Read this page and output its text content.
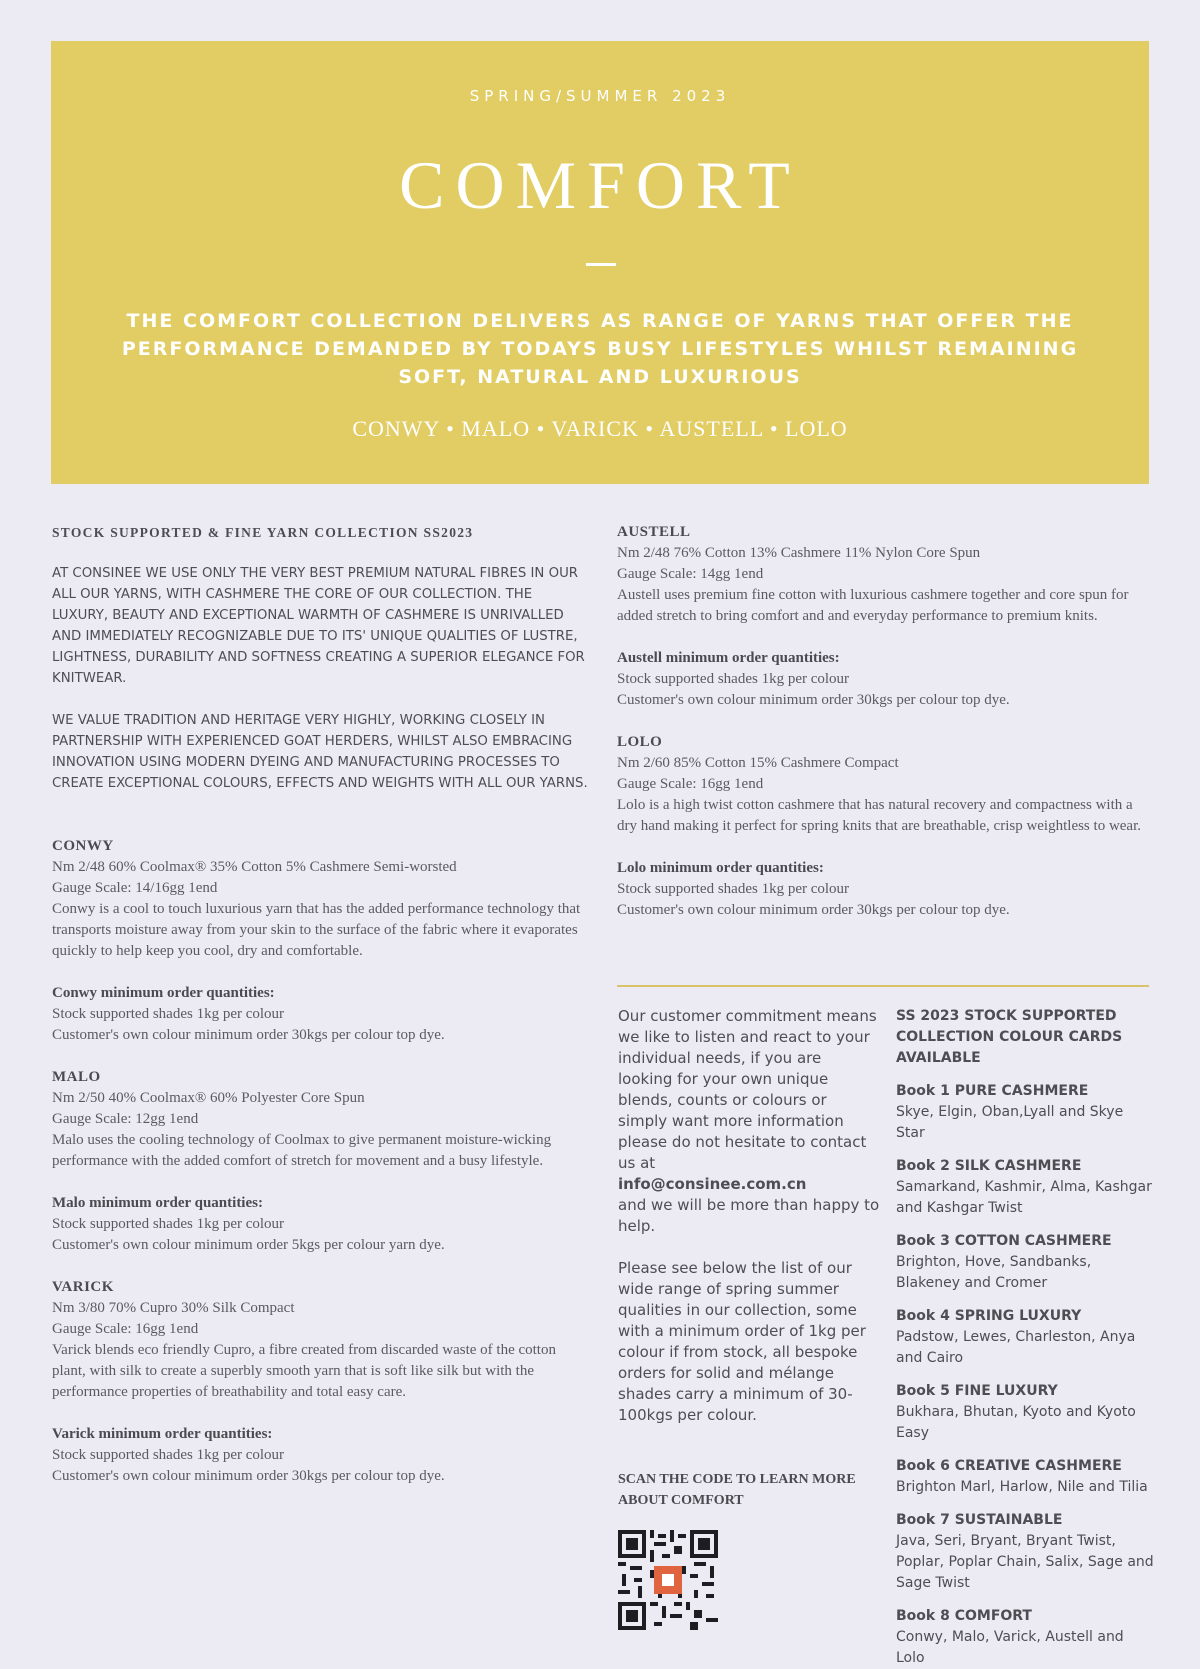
SPRING/SUMMER 2023
COMFORT
THE COMFORT COLLECTION DELIVERS AS RANGE OF YARNS THAT OFFER THE PERFORMANCE DEMANDED BY TODAYS BUSY LIFESTYLES WHILST REMAINING SOFT, NATURAL AND LUXURIOUS
CONWY • MALO • VARICK • AUSTELL • LOLO

STOCK SUPPORTED & FINE YARN COLLECTION SS2023

AT CONSINEE WE USE ONLY THE VERY BEST PREMIUM NATURAL FIBRES IN OUR ALL OUR YARNS, WITH CASHMERE THE CORE OF OUR COLLECTION. THE LUXURY, BEAUTY AND EXCEPTIONAL WARMTH OF CASHMERE IS UNRIVALLED AND IMMEDIATELY RECOGNIZABLE DUE TO ITS' UNIQUE QUALITIES OF LUSTRE, LIGHTNESS, DURABILITY AND SOFTNESS CREATING A SUPERIOR ELEGANCE FOR KNITWEAR.

WE VALUE TRADITION AND HERITAGE VERY HIGHLY, WORKING CLOSELY IN PARTNERSHIP WITH EXPERIENCED GOAT HERDERS, WHILST ALSO EMBRACING INNOVATION USING MODERN DYEING AND MANUFACTURING PROCESSES TO CREATE EXCEPTIONAL COLOURS, EFFECTS AND WEIGHTS WITH ALL OUR YARNS.

CONWY

Nm 2/48 60% Coolmax® 35% Cotton 5% Cashmere Semi-worsted

Gauge Scale: 14/16gg 1end

Conwy is a cool to touch luxurious yarn that has the added performance technology that transports moisture away from your skin to the surface of the fabric where it evaporates quickly to help keep you cool, dry and comfortable.

Conwy minimum order quantities:

Stock supported shades 1kg per colour

Customer's own colour minimum order 30kgs per colour top dye.

MALO

Nm 2/50 40% Coolmax® 60% Polyester Core Spun

Gauge Scale: 12gg 1end

Malo uses the cooling technology of Coolmax to give permanent moisture-wicking performance with the added comfort of stretch for movement and a busy lifestyle.

Malo minimum order quantities:

Stock supported shades 1kg per colour

Customer's own colour minimum order 5kgs per colour yarn dye.

VARICK

Nm 3/80 70% Cupro 30% Silk Compact

Gauge Scale: 16gg 1end

Varick blends eco friendly Cupro, a fibre created from discarded waste of the cotton plant, with silk to create a superbly smooth yarn that is soft like silk but with the performance properties of breathability and total easy care.

Varick minimum order quantities:

Stock supported shades 1kg per colour

Customer's own colour minimum order 30kgs per colour top dye.

AUSTELL

Nm 2/48 76% Cotton 13% Cashmere 11% Nylon Core Spun

Gauge Scale: 14gg 1end

Austell uses premium fine cotton with luxurious cashmere together and core spun for added stretch to bring comfort and and everyday performance to premium knits.

Austell minimum order quantities:

Stock supported shades 1kg per colour

Customer's own colour minimum order 30kgs per colour top dye.

LOLO

Nm 2/60 85% Cotton 15% Cashmere Compact

Gauge Scale: 16gg 1end

Lolo is a high twist cotton cashmere that has natural recovery and compactness with a dry hand making it perfect for spring knits that are breathable, crisp weightless to wear.

Lolo minimum order quantities:

Stock supported shades 1kg per colour

Customer's own colour minimum order 30kgs per colour top dye.

Our customer commitment means we like to listen and react to your individual needs, if you are looking for your own unique blends, counts or colours or simply want more information please do not hesitate to contact us at

info@consinee.com.cn

and we will be more than happy to help.

Please see below the list of our wide range of spring summer qualities in our collection, some with a minimum order of 1kg per colour if from stock, all bespoke orders for solid and mélange shades carry a minimum of 30-100kgs per colour.

SCAN THE CODE TO LEARN MORE ABOUT COMFORT

SS 2023 STOCK SUPPORTED COLLECTION COLOUR CARDS AVAILABLE

Book 1 PURE CASHMERE

Skye, Elgin, Oban,Lyall and Skye Star

Book 2 SILK CASHMERE

Samarkand, Kashmir, Alma, Kashgar and Kashgar Twist

Book 3 COTTON CASHMERE

Brighton, Hove, Sandbanks, Blakeney and Cromer

Book 4 SPRING LUXURY

Padstow, Lewes, Charleston, Anya and Cairo

Book 5 FINE LUXURY

Bukhara, Bhutan, Kyoto and Kyoto Easy

Book 6 CREATIVE CASHMERE

Brighton Marl, Harlow, Nile and Tilia

Book 7 SUSTAINABLE

Java, Seri, Bryant, Bryant Twist, Poplar, Poplar Chain, Salix, Sage and Sage Twist

Book 8 COMFORT

Conwy, Malo, Varick, Austell and Lolo
